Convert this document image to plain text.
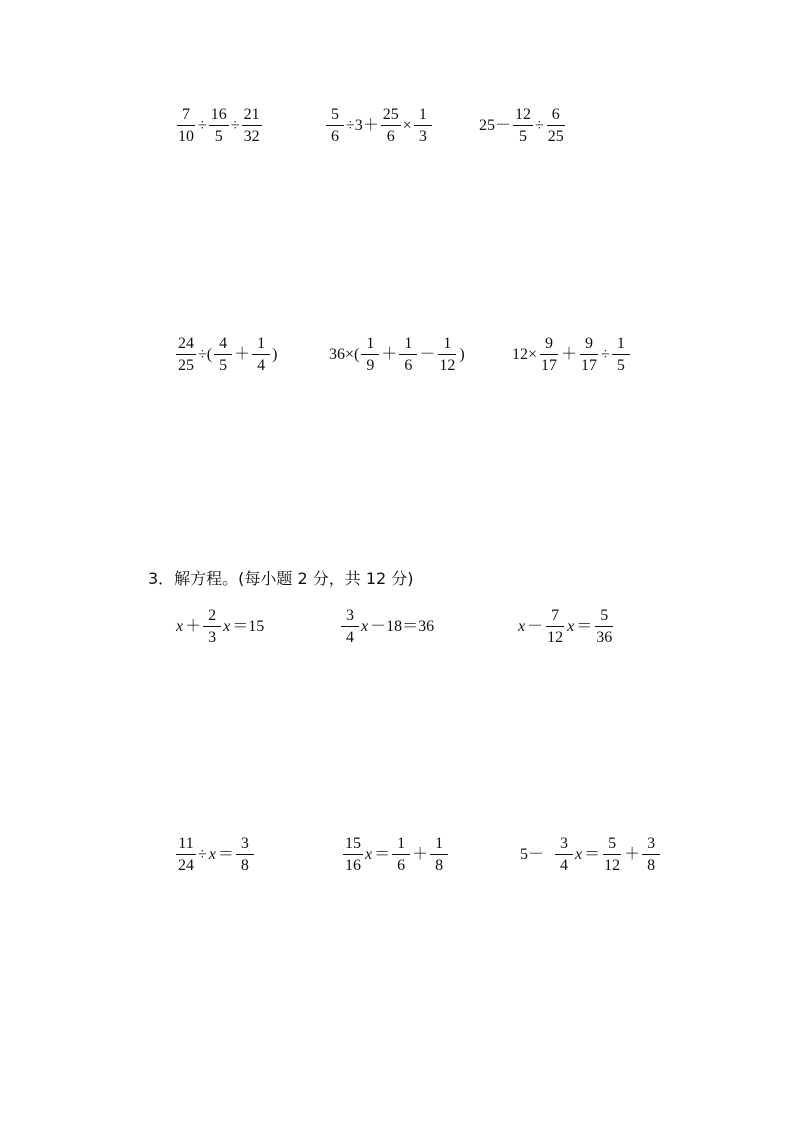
$\frac{7}{10} \div \frac{16}{5} \div \frac{21}{32}$	$\frac{5}{6} \div 3+ \frac{25}{6} \times \frac{1}{3}$	$25- \frac{12}{5} \div \frac{6}{25}$
$\frac{24}{25}$ ÷( $\frac{4}{5} + \frac{1}{4}$ )	$36\times( \frac{1}{9} + \frac{1}{6} - \frac{1}{12}$ )	$12\times \frac{9}{17} + \frac{9}{17} \div \frac{1}{5}$
3．解方程。(每小题 2 分，共 12 分)
$x + \frac{2}{3}$ x ＝15	$\frac{3}{4}$ x －18＝36	$x - \frac{7}{12}$ $x = \frac{5}{36}$
$\frac{11}{24} \div x = \frac{3}{8}$	$\frac{15}{16}$ $x = \frac{1}{6} + \frac{1}{8}$	$5- \frac{3}{4}$ $x = \frac{5}{12} + \frac{3}{8}$
